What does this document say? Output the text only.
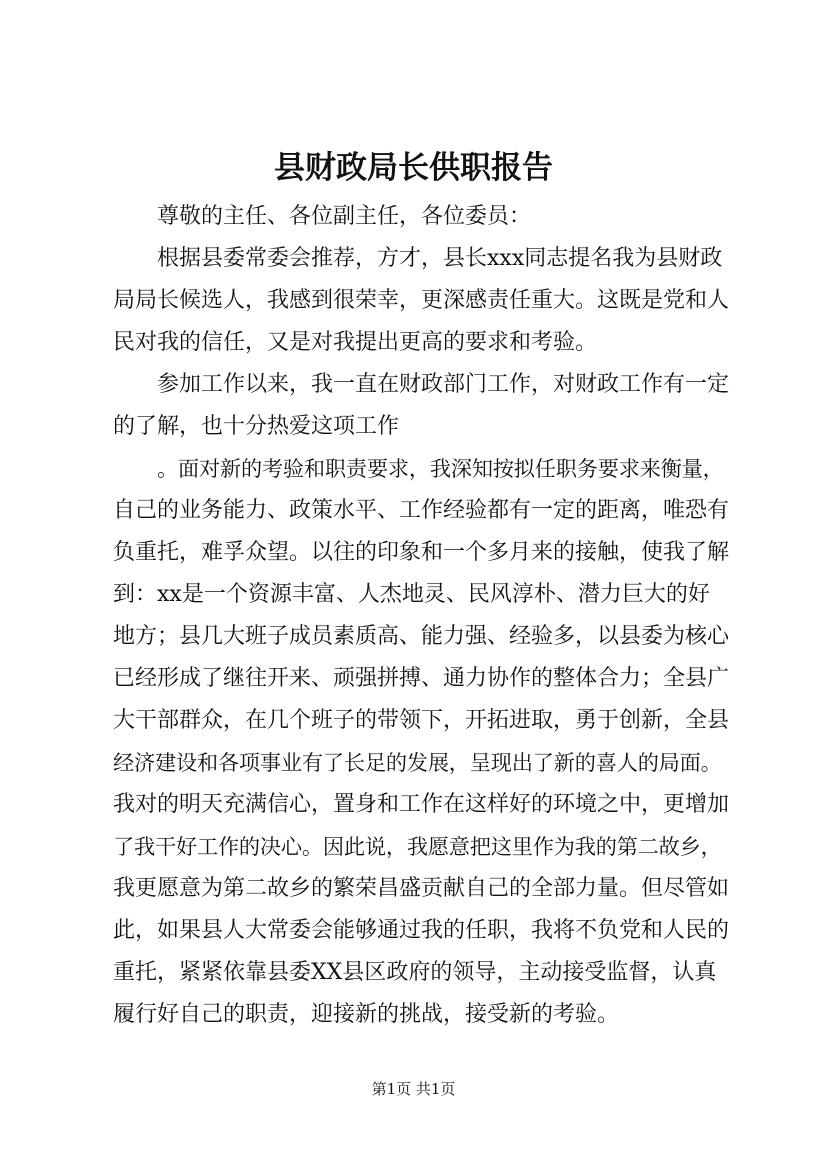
县财政局长供职报告
尊敬的主任、各位副主任，各位委员：
根据县委常委会推荐，方才，县长xxx同志提名我为县财政
局局长候选人，我感到很荣幸，更深感责任重大。这既是党和人
民对我的信任，又是对我提出更高的要求和考验。
参加工作以来，我一直在财政部门工作，对财政工作有一定
的了解，也十分热爱这项工作
。面对新的考验和职责要求，我深知按拟任职务要求来衡量，
自己的业务能力、政策水平、工作经验都有一定的距离，唯恐有
负重托，难孚众望。以往的印象和一个多月来的接触，使我了解
到：xx是一个资源丰富、人杰地灵、民风淳朴、潜力巨大的好
地方；县几大班子成员素质高、能力强、经验多，以县委为核心
已经形成了继往开来、顽强拼搏、通力协作的整体合力；全县广
大干部群众，在几个班子的带领下，开拓进取，勇于创新，全县
经济建设和各项事业有了长足的发展，呈现出了新的喜人的局面。
我对的明天充满信心，置身和工作在这样好的环境之中，更增加
了我干好工作的决心。因此说，我愿意把这里作为我的第二故乡，
我更愿意为第二故乡的繁荣昌盛贡献自己的全部力量。但尽管如
此，如果县人大常委会能够通过我的任职，我将不负党和人民的
重托，紧紧依靠县委XX县区政府的领导，主动接受监督，认真
履行好自己的职责，迎接新的挑战，接受新的考验。
第1页 共1页
